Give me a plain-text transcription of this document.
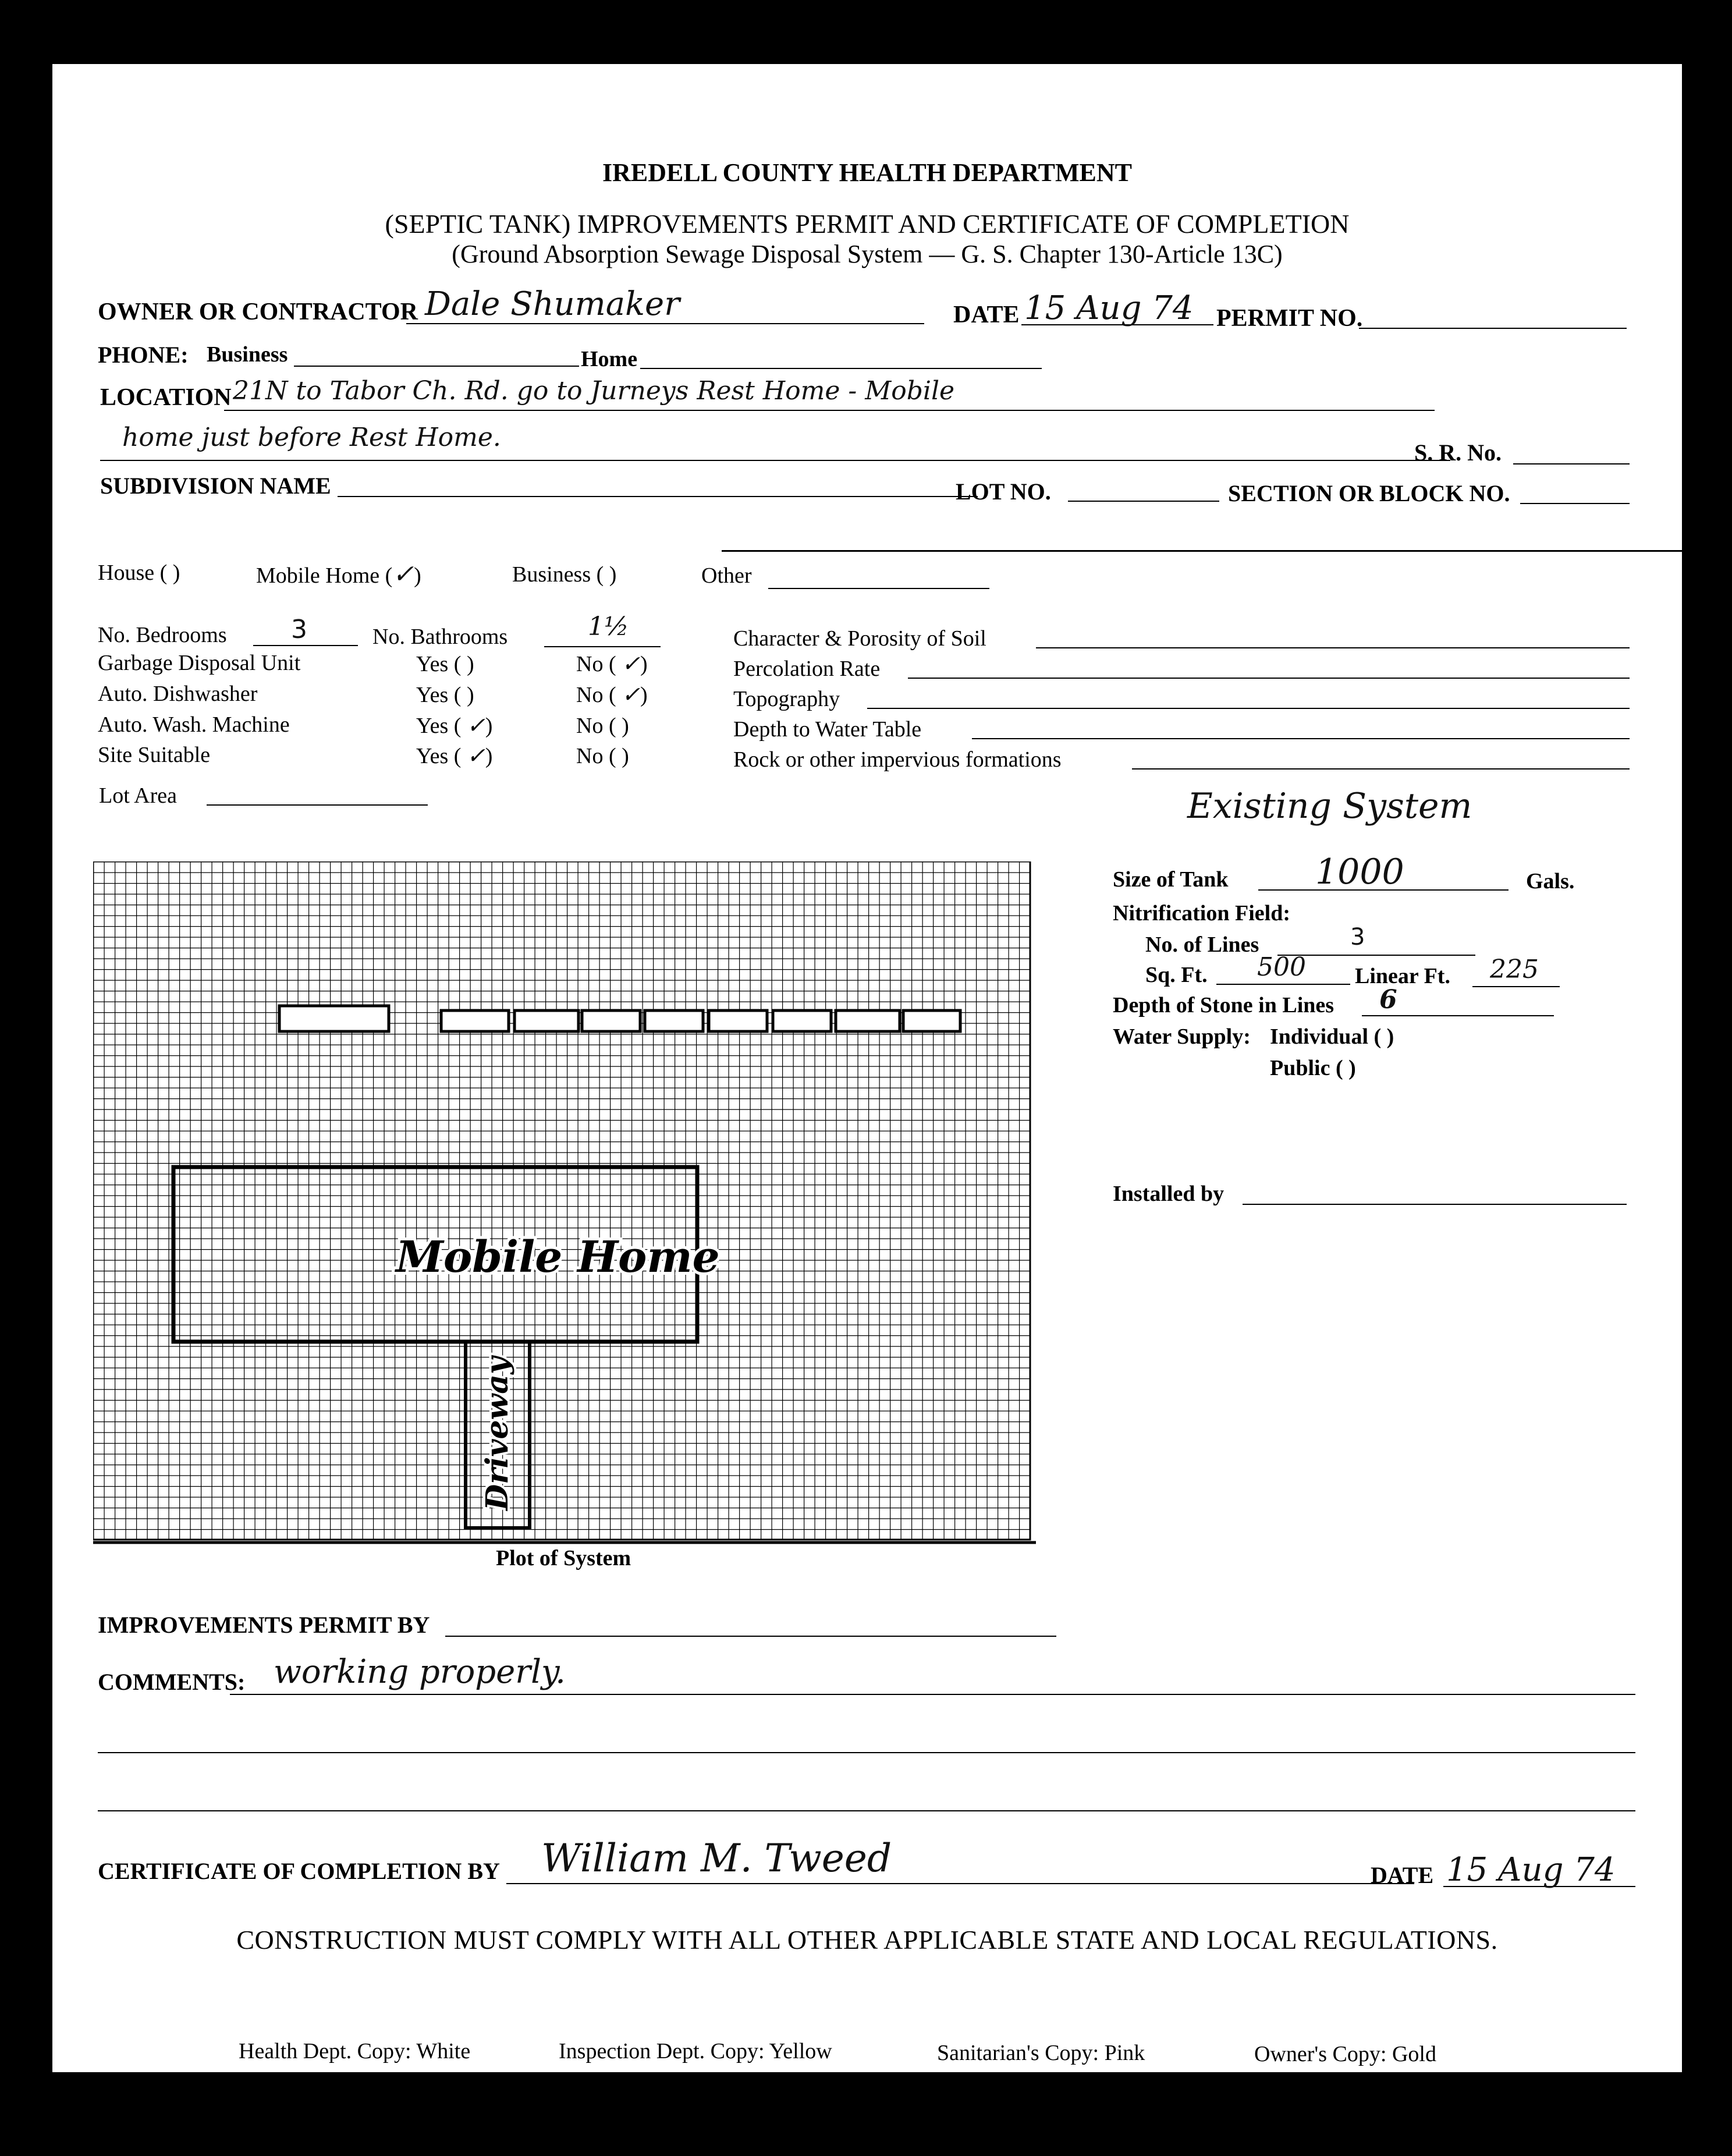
IREDELL COUNTY HEALTH DEPARTMENT
(SEPTIC TANK) IMPROVEMENTS PERMIT AND CERTIFICATE OF COMPLETION
(Ground Absorption Sewage Disposal System — G. S. Chapter 130-Article 13C)
OWNER OR CONTRACTOR Dale Shumaker	DATE 15 Aug 74 PERMIT NO.
PHONE: Business	Home
LOCATION 21N to Tabor Ch. Rd. go to Jurneys Rest Home - Mobile
home just before Rest Home.
S. R. No.
SUBDIVISION NAME	LOT NO.	SECTION OR BLOCK NO.
House ( )	Mobile Home (✓)	Business ( )	Other
No. Bedrooms	3	No. Bathrooms	1½
Garbage Disposal Unit	Yes ( )	No ( ✓)
Auto. Dishwasher	Yes ( )	No ( ✓)
Auto. Wash. Machine	Yes ( ✓)	No ( )
Site Suitable	Yes ( ✓)	No ( )
Lot Area
Character & Porosity of Soil
Percolation Rate
Topography
Depth to Water Table
Rock or other impervious formations
Existing System
Mobile Home
Driveway
Plot of System
Size of Tank 1000	Gals.
Nitrification Field:
No. of Lines	3
Sq. Ft. 500 Linear Ft. 225
Depth of Stone in Lines 6
Water Supply: Individual ( )
Public ( )
Installed by
IMPROVEMENTS PERMIT BY
COMMENTS: working properly.
CERTIFICATE OF COMPLETION BY William M. Tweed	DATE 15 Aug 74
CONSTRUCTION MUST COMPLY WITH ALL OTHER APPLICABLE STATE AND LOCAL REGULATIONS.
Health Dept. Copy: White	Inspection Dept. Copy: Yellow	Sanitarian's Copy: Pink	Owner's Copy: Gold
